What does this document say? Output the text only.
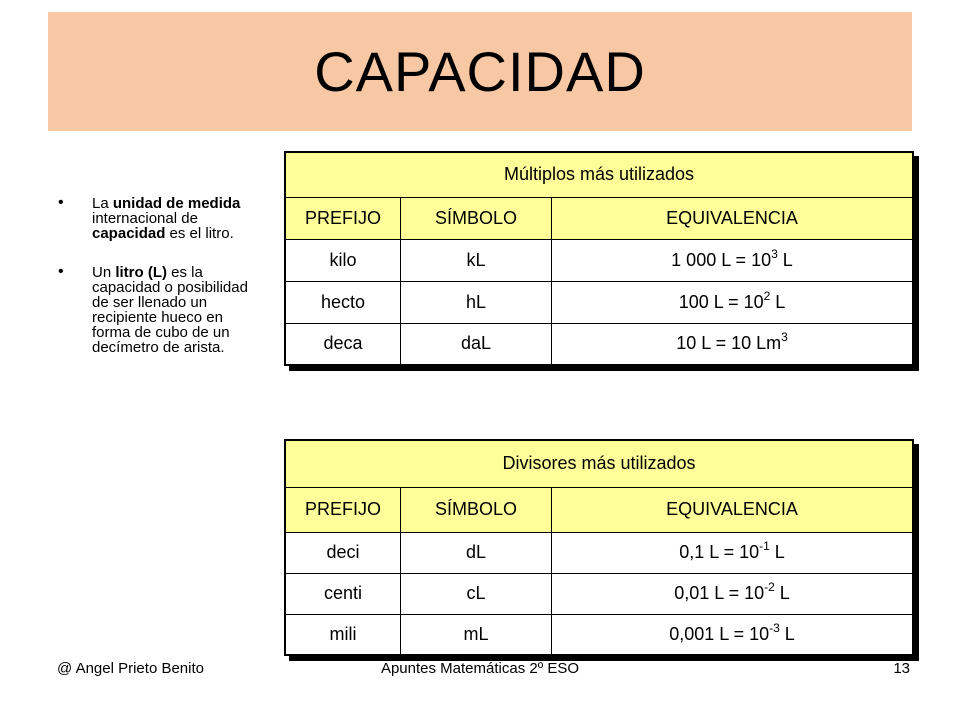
CAPACIDAD
• La unidad de medida internacional de capacidad es el litro.
• Un litro (L) es la capacidad o posibilidad de ser llenado un recipiente hueco en forma de cubo de un decímetro de arista.
Múltiplos más utilizados		
PREFIJO	SÍMBOLO	EQUIVALENCIA
kilo	kL	1 000 $L = 10^3$ L
hecto	hL	100 $L = 10^2$ L
deca	daL	10 L = 10 Lm$^3$
Divisores más utilizados		
PREFIJO	SÍMBOLO	EQUIVALENCIA
deci	dL	0,1 $L = 10^{-1}$ L
centi	cL	0,01 $L = 10^{-2}$ L
mili	mL	0,001 $L = 10^{-3}$ L
@ Angel Prieto Benito	Apuntes Matemáticas 2º ESO	13
